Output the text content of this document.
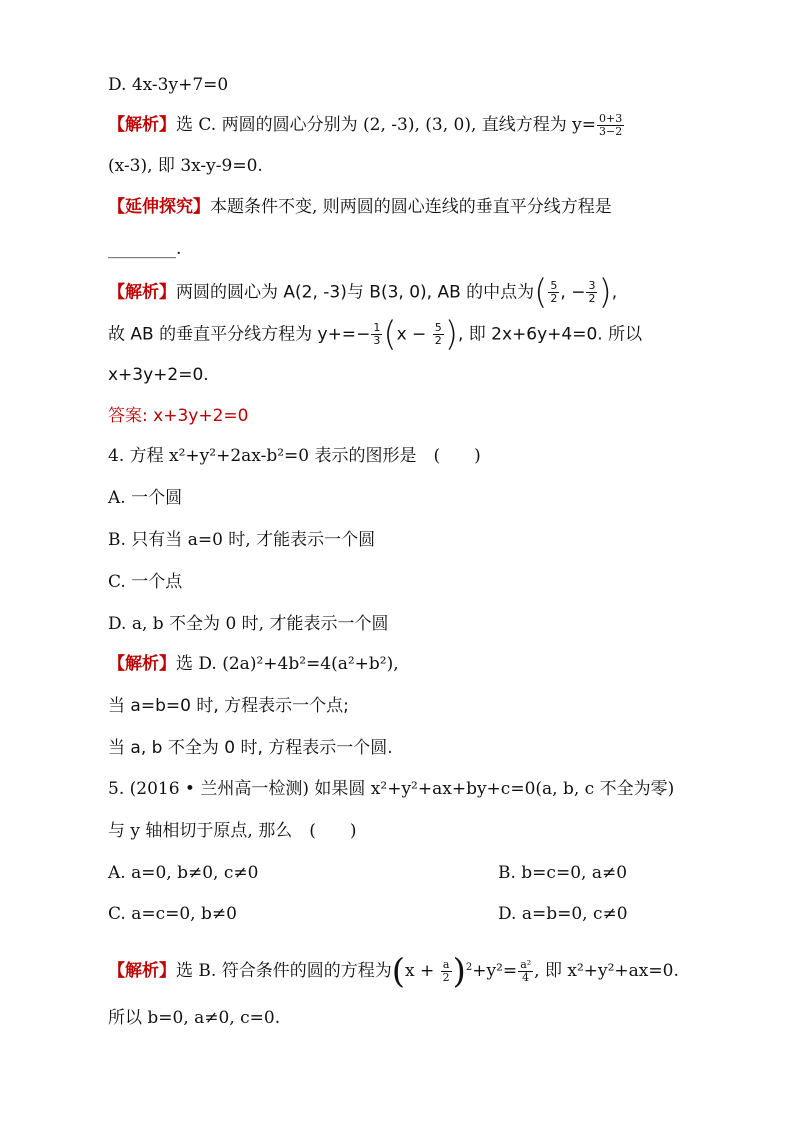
D. 4x-3y+7=0
【解析】选 C. 两圆的圆心分别为 (2, -3), (3, 0), 直线方程为 $y= \frac{0+3}{3-2}$
(x-3), 即 3x-y-9=0.
【延伸探究】本题条件不变, 则两圆的圆心连线的垂直平分线方程是
________.
【解析】两圆的圆心为 A(2, -3)与 B(3, 0), AB 的中点为( $\frac{5}{2}$ , − $\frac{3}{2}$ ),
故 AB 的垂直平分线方程为 $y+=- \frac{1}{3} (x - \frac{5}{2}$ ), 即 2x+6y+4=0. 所以
x+3y+2=0.
答案: x+3y+2=0
4. 方程 x²+y²+2ax-b²=0 表示的图形是　(　　)
A. 一个圆
B. 只有当 a=0 时, 才能表示一个圆
C. 一个点
D. a, b 不全为 0 时, 才能表示一个圆
【解析】选 D. (2a)²+4b²=4(a²+b²),
当 a=b=0 时, 方程表示一个点;
当 a, b 不全为 0 时, 方程表示一个圆.
5. (2016 • 兰州高一检测) 如果圆 x²+y²+ax+by+c=0(a, b, c 不全为零)
与 y 轴相切于原点, 那么　(　　)
A. a=0, b≠0, c≠0	B. b=c=0, a≠0
C. a=c=0, b≠0	D. a=b=0, c≠0
【解析】选 B. 符合条件的圆的方程为$(x + \frac{a}{2} )^2+y^2= \frac{\text{a²}}{4}$ , 即 x²+y²+ax=0.
所以 b=0, a≠0, c=0.
